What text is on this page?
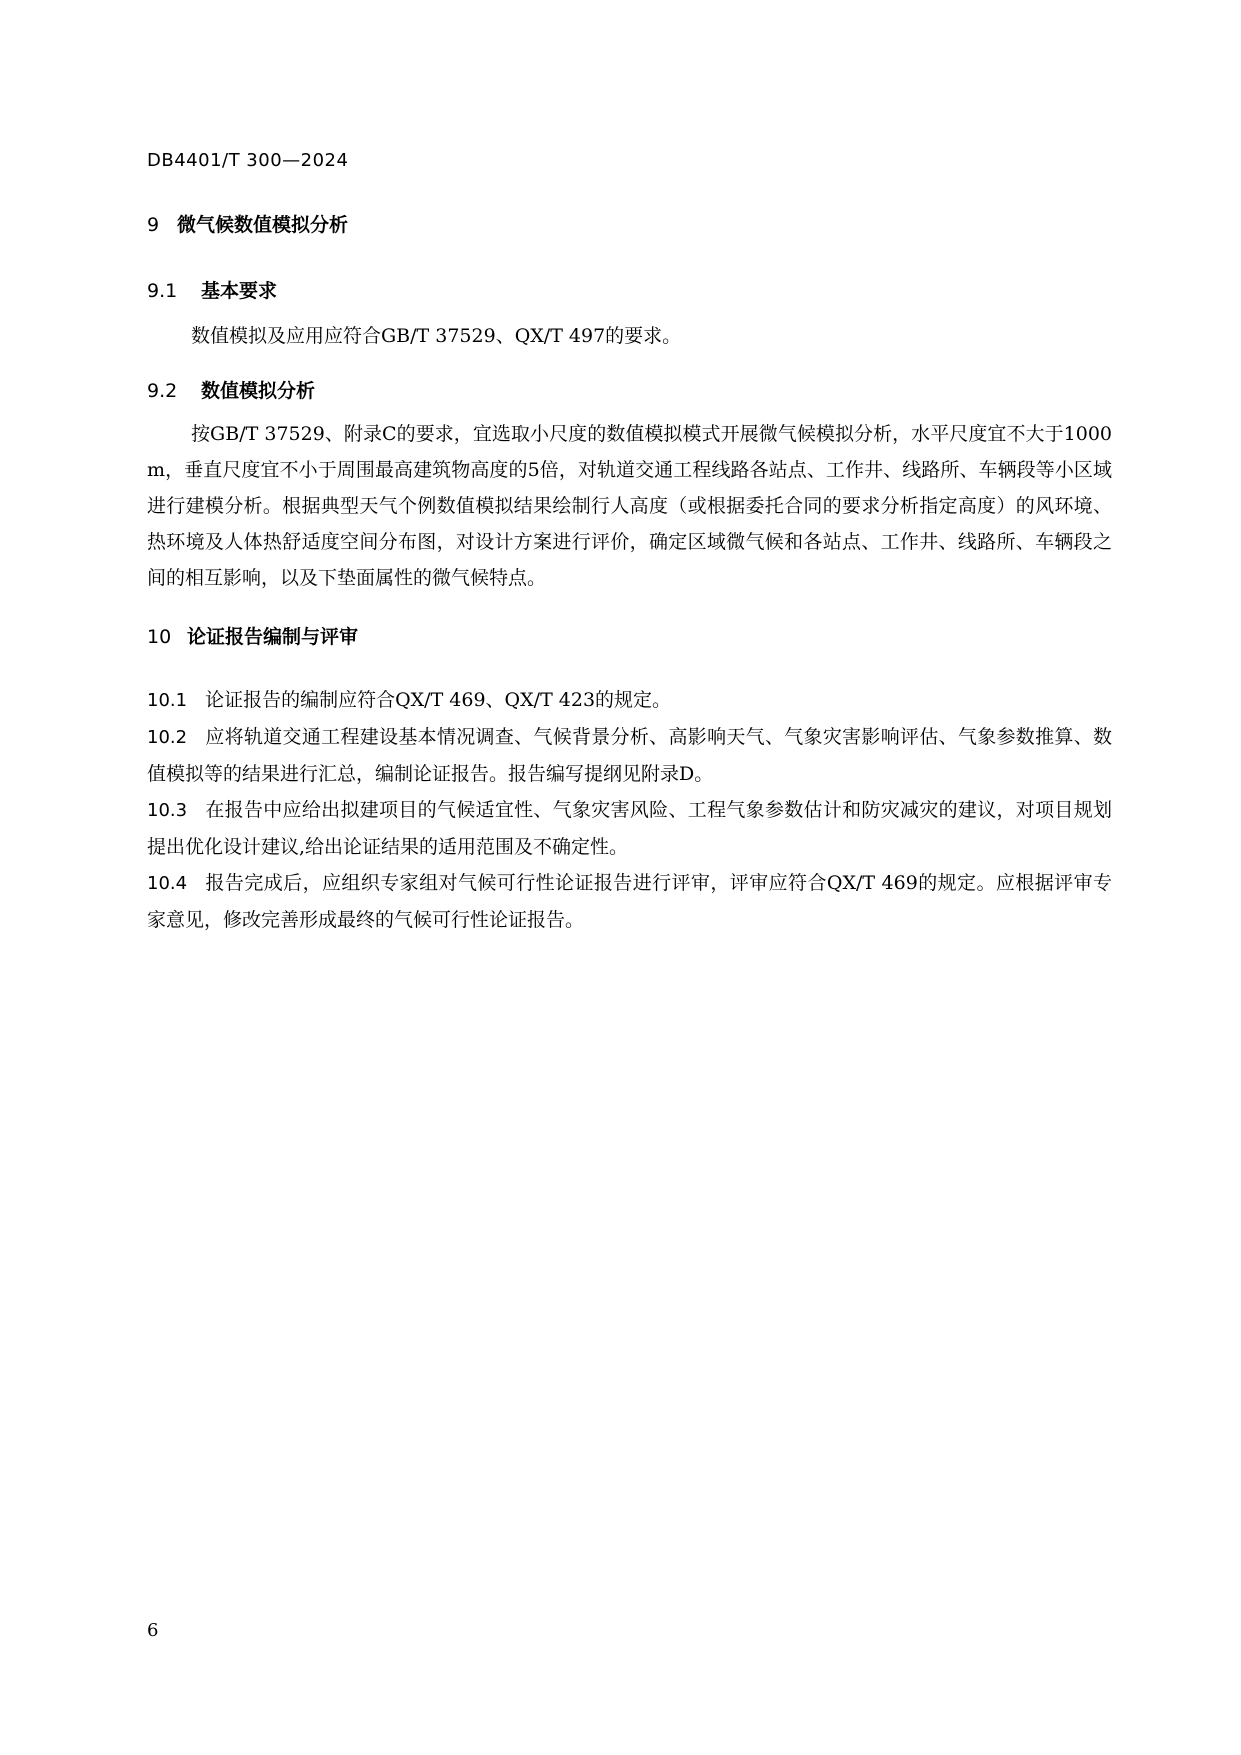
DB4401/T 300—2024
9 微气候数值模拟分析
9.1 基本要求
数值模拟及应用应符合GB/T 37529、QX/T 497的要求。
9.2 数值模拟分析
按GB/T 37529、附录C的要求，宜选取小尺度的数值模拟模式开展微气候模拟分析，水平尺度宜不大于1000 m，垂直尺度宜不小于周围最高建筑物高度的5倍，对轨道交通工程线路各站点、工作井、线路所、车辆段等小区域进行建模分析。根据典型天气个例数值模拟结果绘制行人高度（或根据委托合同的要求分析指定高度）的风环境、热环境及人体热舒适度空间分布图，对设计方案进行评价，确定区域微气候和各站点、工作井、线路所、车辆段之间的相互影响，以及下垫面属性的微气候特点。
10 论证报告编制与评审

10.1 论证报告的编制应符合QX/T 469、QX/T 423的规定。

10.2 应将轨道交通工程建设基本情况调查、气候背景分析、高影响天气、气象灾害影响评估、气象参数推算、数值模拟等的结果进行汇总，编制论证报告。报告编写提纲见附录D。

10.3 在报告中应给出拟建项目的气候适宜性、气象灾害风险、工程气象参数估计和防灾减灾的建议，对项目规划提出优化设计建议,给出论证结果的适用范围及不确定性。

10.4 报告完成后，应组织专家组对气候可行性论证报告进行评审，评审应符合QX/T 469的规定。应根据评审专家意见，修改完善形成最终的气候可行性论证报告。

6
